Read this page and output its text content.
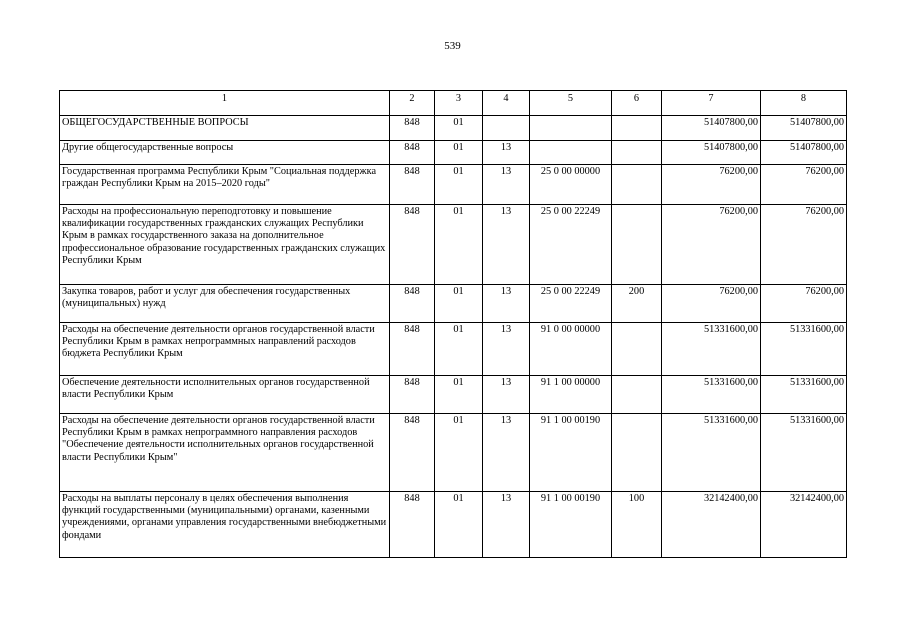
539
1	2	3	4	5	6	7	8
ОБЩЕГОСУДАРСТВЕННЫЕ ВОПРОСЫ	848	01				51407800,00	51407800,00
Другие общегосударственные вопросы	848	01	13			51407800,00	51407800,00
Государственная программа Республики Крым "Социальная поддержка граждан Республики Крым на 2015–2020 годы"	848	01	13	25 0 00 00000		76200,00	76200,00
Расходы на профессиональную переподготовку и повышение квалификации государственных гражданских служащих Республики Крым в рамках государственного заказа на дополнительное профессиональное образование государственных гражданских служащих Республики Крым	848	01	13	25 0 00 22249		76200,00	76200,00
Закупка товаров, работ и услуг для обеспечения государственных (муниципальных) нужд	848	01	13	25 0 00 22249	200	76200,00	76200,00
Расходы на обеспечение деятельности органов государственной власти Республики Крым в рамках непрограммных направлений расходов бюджета Республики Крым	848	01	13	91 0 00 00000		51331600,00	51331600,00
Обеспечение деятельности исполнительных органов государственной власти Республики Крым	848	01	13	91 1 00 00000		51331600,00	51331600,00
Расходы на обеспечение деятельности органов государственной власти Республики Крым в рамках непрограммного направления расходов "Обеспечение деятельности исполнительных органов государственной власти Республики Крым"	848	01	13	91 1 00 00190		51331600,00	51331600,00
Расходы на выплаты персоналу в целях обеспечения выполнения функций государственными (муниципальными) органами, казенными учреждениями, органами управления государственными внебюджетными фондами	848	01	13	91 1 00 00190	100	32142400,00	32142400,00
